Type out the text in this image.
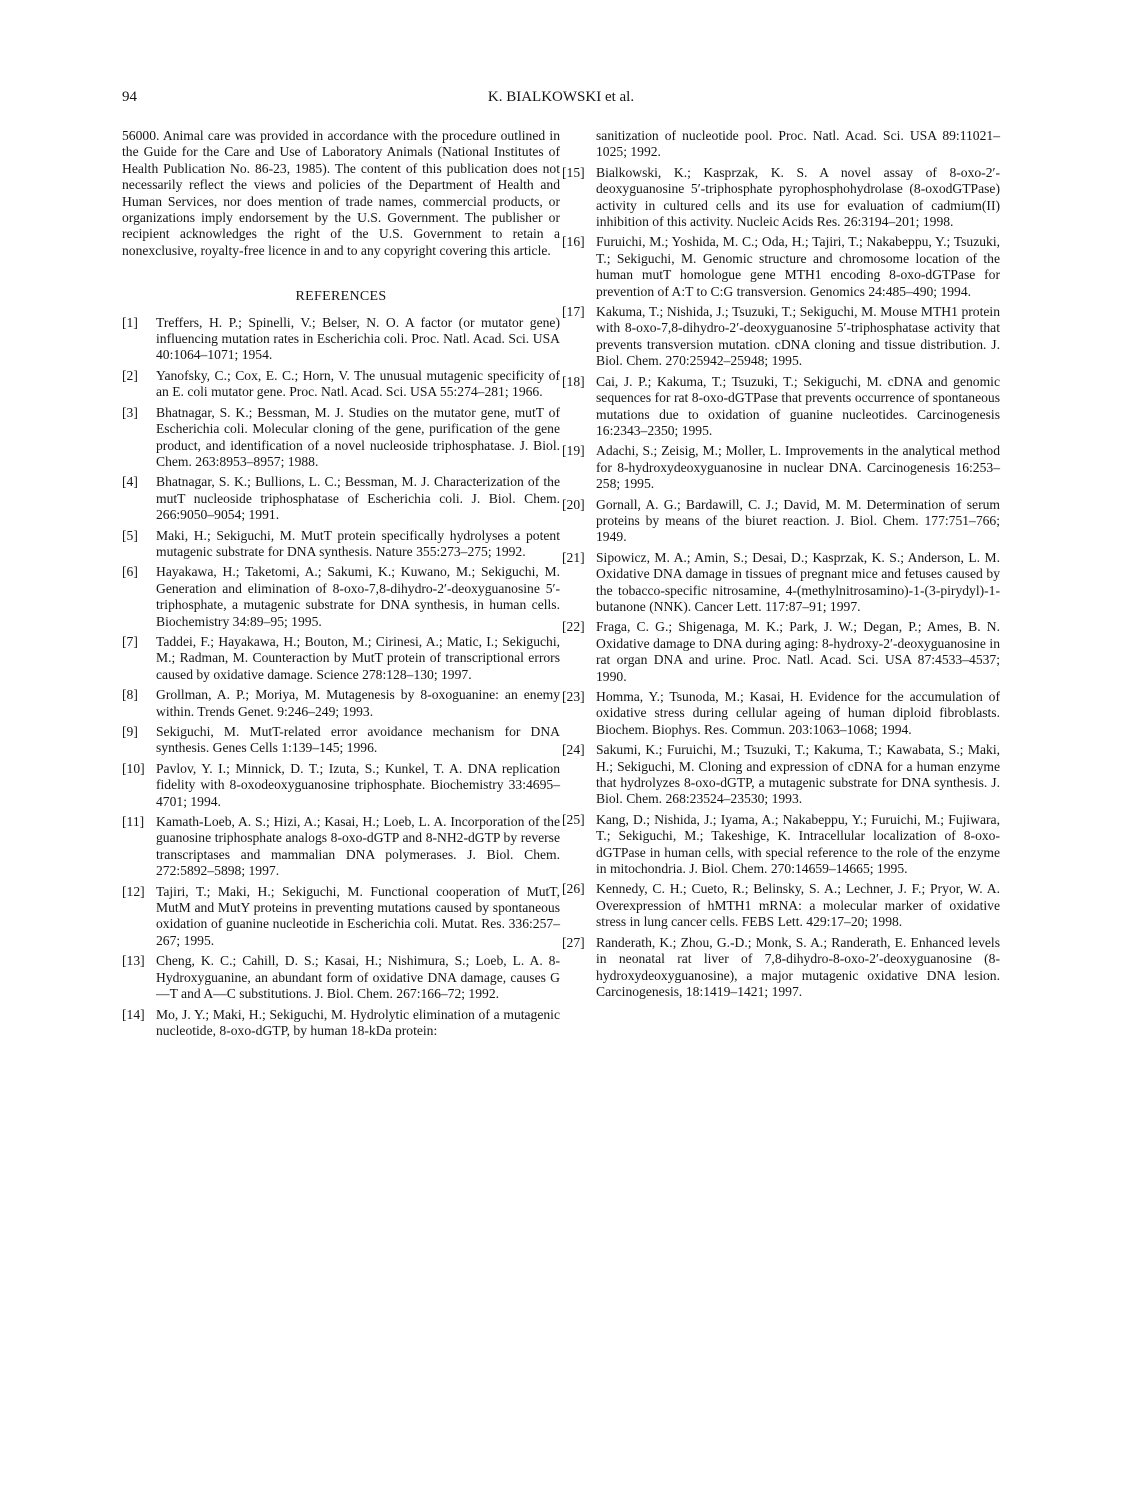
94	K. BIALKOWSKI et al.

56000. Animal care was provided in accordance with the procedure outlined in the Guide for the Care and Use of Laboratory Animals (National Institutes of Health Publication No. 86-23, 1985). The content of this publication does not necessarily reflect the views and policies of the Department of Health and Human Services, nor does mention of trade names, commercial products, or organizations imply endorsement by the U.S. Government. The publisher or recipient acknowledges the right of the U.S. Government to retain a nonexclusive, royalty-free licence in and to any copyright covering this article.

REFERENCES
[1]	Treffers, H. P.; Spinelli, V.; Belser, N. O. A factor (or mutator gene) influencing mutation rates in Escherichia coli. Proc. Natl. Acad. Sci. USA 40:1064–1071; 1954.
[2]	Yanofsky, C.; Cox, E. C.; Horn, V. The unusual mutagenic specificity of an E. coli mutator gene. Proc. Natl. Acad. Sci. USA 55:274–281; 1966.
[3]	Bhatnagar, S. K.; Bessman, M. J. Studies on the mutator gene, mutT of Escherichia coli. Molecular cloning of the gene, purification of the gene product, and identification of a novel nucleoside triphosphatase. J. Biol. Chem. 263:8953–8957; 1988.
[4]	Bhatnagar, S. K.; Bullions, L. C.; Bessman, M. J. Characterization of the mutT nucleoside triphosphatase of Escherichia coli. J. Biol. Chem. 266:9050–9054; 1991.
[5]	Maki, H.; Sekiguchi, M. MutT protein specifically hydrolyses a potent mutagenic substrate for DNA synthesis. Nature 355:273–275; 1992.
[6]	Hayakawa, H.; Taketomi, A.; Sakumi, K.; Kuwano, M.; Sekiguchi, M. Generation and elimination of 8-oxo-7,8-dihydro-2′-deoxyguanosine 5′-triphosphate, a mutagenic substrate for DNA synthesis, in human cells. Biochemistry 34:89–95; 1995.
[7]	Taddei, F.; Hayakawa, H.; Bouton, M.; Cirinesi, A.; Matic, I.; Sekiguchi, M.; Radman, M. Counteraction by MutT protein of transcriptional errors caused by oxidative damage. Science 278:128–130; 1997.
[8]	Grollman, A. P.; Moriya, M. Mutagenesis by 8-oxoguanine: an enemy within. Trends Genet. 9:246–249; 1993.
[9]	Sekiguchi, M. MutT-related error avoidance mechanism for DNA synthesis. Genes Cells 1:139–145; 1996.
[10] Pavlov, Y. I.; Minnick, D. T.; Izuta, S.; Kunkel, T. A. DNA replication fidelity with 8-oxodeoxyguanosine triphosphate. Biochemistry 33:4695–4701; 1994.
[11] Kamath-Loeb, A. S.; Hizi, A.; Kasai, H.; Loeb, L. A. Incorporation of the guanosine triphosphate analogs 8-oxo-dGTP and 8-NH2-dGTP by reverse transcriptases and mammalian DNA polymerases. J. Biol. Chem. 272:5892–5898; 1997.
[12] Tajiri, T.; Maki, H.; Sekiguchi, M. Functional cooperation of MutT, MutM and MutY proteins in preventing mutations caused by spontaneous oxidation of guanine nucleotide in Escherichia coli. Mutat. Res. 336:257–267; 1995.
[13] Cheng, K. C.; Cahill, D. S.; Kasai, H.; Nishimura, S.; Loeb, L. A. 8-Hydroxyguanine, an abundant form of oxidative DNA damage, causes G—T and A—C substitutions. J. Biol. Chem. 267:166–72; 1992.
[14] Mo, J. Y.; Maki, H.; Sekiguchi, M. Hydrolytic elimination of a mutagenic nucleotide, 8-oxo-dGTP, by human 18-kDa protein:
sanitization of nucleotide pool. Proc. Natl. Acad. Sci. USA 89:11021–1025; 1992.
[15] Bialkowski, K.; Kasprzak, K. S. A novel assay of 8-oxo-2′-deoxyguanosine 5′-triphosphate pyrophosphohydrolase (8-oxodGTPase) activity in cultured cells and its use for evaluation of cadmium(II) inhibition of this activity. Nucleic Acids Res. 26:3194–201; 1998.
[16] Furuichi, M.; Yoshida, M. C.; Oda, H.; Tajiri, T.; Nakabeppu, Y.; Tsuzuki, T.; Sekiguchi, M. Genomic structure and chromosome location of the human mutT homologue gene MTH1 encoding 8-oxo-dGTPase for prevention of A:T to C:G transversion. Genomics 24:485–490; 1994.
[17] Kakuma, T.; Nishida, J.; Tsuzuki, T.; Sekiguchi, M. Mouse MTH1 protein with 8-oxo-7,8-dihydro-2′-deoxyguanosine 5′-triphosphatase activity that prevents transversion mutation. cDNA cloning and tissue distribution. J. Biol. Chem. 270:25942–25948; 1995.
[18] Cai, J. P.; Kakuma, T.; Tsuzuki, T.; Sekiguchi, M. cDNA and genomic sequences for rat 8-oxo-dGTPase that prevents occurrence of spontaneous mutations due to oxidation of guanine nucleotides. Carcinogenesis 16:2343–2350; 1995.
[19] Adachi, S.; Zeisig, M.; Moller, L. Improvements in the analytical method for 8-hydroxydeoxyguanosine in nuclear DNA. Carcinogenesis 16:253–258; 1995.
[20] Gornall, A. G.; Bardawill, C. J.; David, M. M. Determination of serum proteins by means of the biuret reaction. J. Biol. Chem. 177:751–766; 1949.
[21] Sipowicz, M. A.; Amin, S.; Desai, D.; Kasprzak, K. S.; Anderson, L. M. Oxidative DNA damage in tissues of pregnant mice and fetuses caused by the tobacco-specific nitrosamine, 4-(methylnitrosamino)-1-(3-pirydyl)-1-butanone (NNK). Cancer Lett. 117:87–91; 1997.
[22] Fraga, C. G.; Shigenaga, M. K.; Park, J. W.; Degan, P.; Ames, B. N. Oxidative damage to DNA during aging: 8-hydroxy-2′-deoxyguanosine in rat organ DNA and urine. Proc. Natl. Acad. Sci. USA 87:4533–4537; 1990.
[23] Homma, Y.; Tsunoda, M.; Kasai, H. Evidence for the accumulation of oxidative stress during cellular ageing of human diploid fibroblasts. Biochem. Biophys. Res. Commun. 203:1063–1068; 1994.
[24] Sakumi, K.; Furuichi, M.; Tsuzuki, T.; Kakuma, T.; Kawabata, S.; Maki, H.; Sekiguchi, M. Cloning and expression of cDNA for a human enzyme that hydrolyzes 8-oxo-dGTP, a mutagenic substrate for DNA synthesis. J. Biol. Chem. 268:23524–23530; 1993.
[25] Kang, D.; Nishida, J.; Iyama, A.; Nakabeppu, Y.; Furuichi, M.; Fujiwara, T.; Sekiguchi, M.; Takeshige, K. Intracellular localization of 8-oxo-dGTPase in human cells, with special reference to the role of the enzyme in mitochondria. J. Biol. Chem. 270:14659–14665; 1995.
[26] Kennedy, C. H.; Cueto, R.; Belinsky, S. A.; Lechner, J. F.; Pryor, W. A. Overexpression of hMTH1 mRNA: a molecular marker of oxidative stress in lung cancer cells. FEBS Lett. 429:17–20; 1998.
[27] Randerath, K.; Zhou, G.-D.; Monk, S. A.; Randerath, E. Enhanced levels in neonatal rat liver of 7,8-dihydro-8-oxo-2′-deoxyguanosine (8-hydroxydeoxyguanosine), a major mutagenic oxidative DNA lesion. Carcinogenesis, 18:1419–1421; 1997.
